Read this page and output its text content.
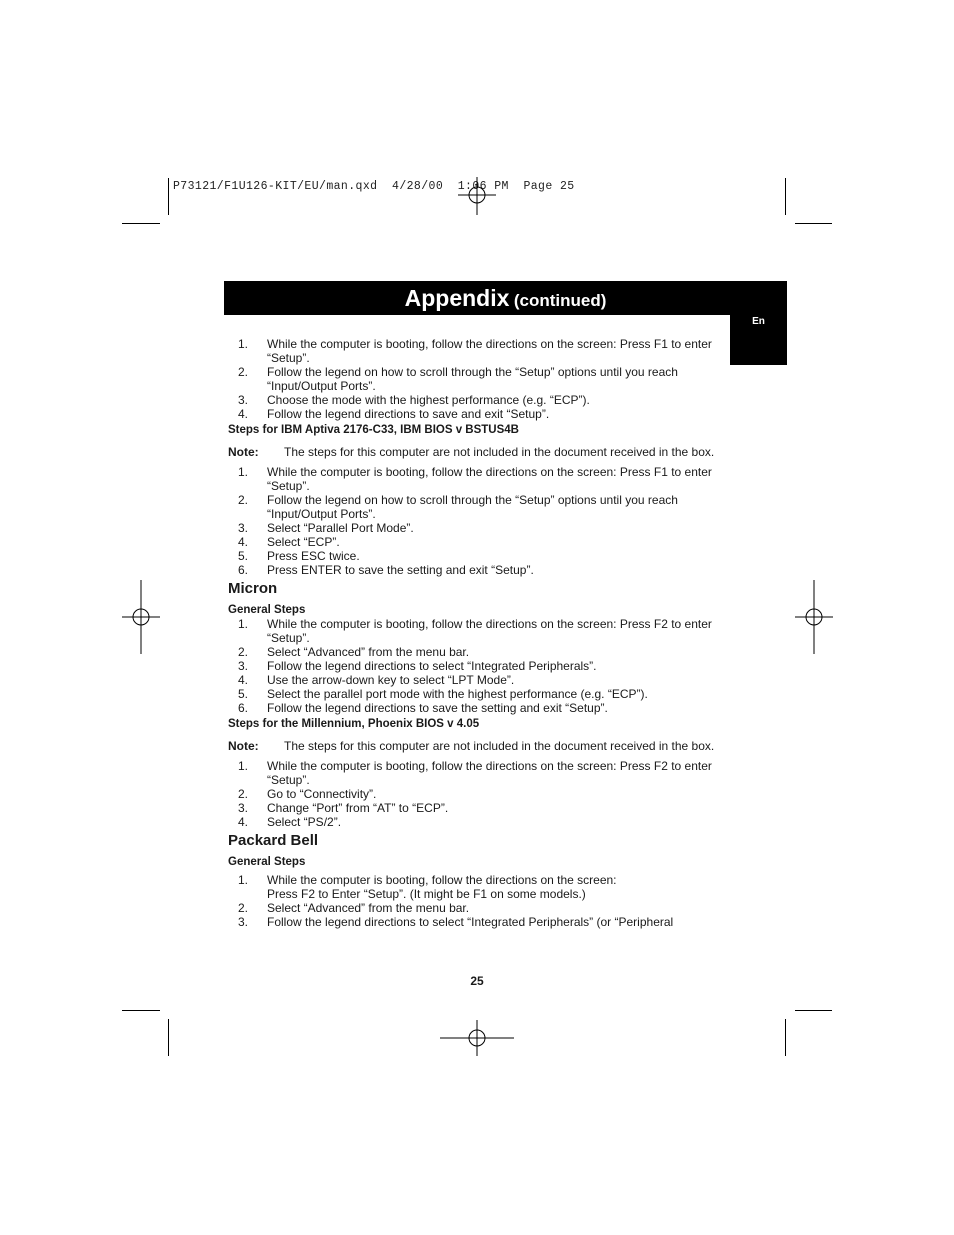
P73121/F1U126-KIT/EU/man.qxd  4/28/00  1:06 PM  Page 25
Appendix (continued)
En
1. While the computer is booting, follow the directions on the screen: Press F1 to enter “Setup”.
2. Follow the legend on how to scroll through the “Setup” options until you reach “Input/Output Ports”.
3. Choose the mode with the highest performance (e.g. “ECP”).
4. Follow the legend directions to save and exit “Setup”.
Steps for IBM Aptiva 2176-C33, IBM BIOS v BSTUS4B
Note: The steps for this computer are not included in the document received in the box.
1. While the computer is booting, follow the directions on the screen: Press F1 to enter “Setup”.
2. Follow the legend on how to scroll through the “Setup” options until you reach “Input/Output Ports”.
3. Select “Parallel Port Mode”.
4. Select “ECP”.
5. Press ESC twice.
6. Press ENTER to save the setting and exit “Setup”.
Micron
General Steps
1. While the computer is booting, follow the directions on the screen: Press F2 to enter “Setup”.
2. Select “Advanced” from the menu bar.
3. Follow the legend directions to select “Integrated Peripherals”.
4. Use the arrow-down key to select “LPT Mode”.
5. Select the parallel port mode with the highest performance (e.g. “ECP”).
6. Follow the legend directions to save the setting and exit “Setup”.
Steps for the Millennium, Phoenix BIOS v 4.05
Note: The steps for this computer are not included in the document received in the box.
1. While the computer is booting, follow the directions on the screen: Press F2 to enter “Setup”.
2. Go to “Connectivity”.
3. Change “Port” from “AT” to “ECP”.
4. Select “PS/2”.
Packard Bell
General Steps
1. While the computer is booting, follow the directions on the screen:
Press F2 to Enter “Setup”. (It might be F1 on some models.)
2. Select “Advanced” from the menu bar.
3. Follow the legend directions to select “Integrated Peripherals” (or “Peripheral
25
